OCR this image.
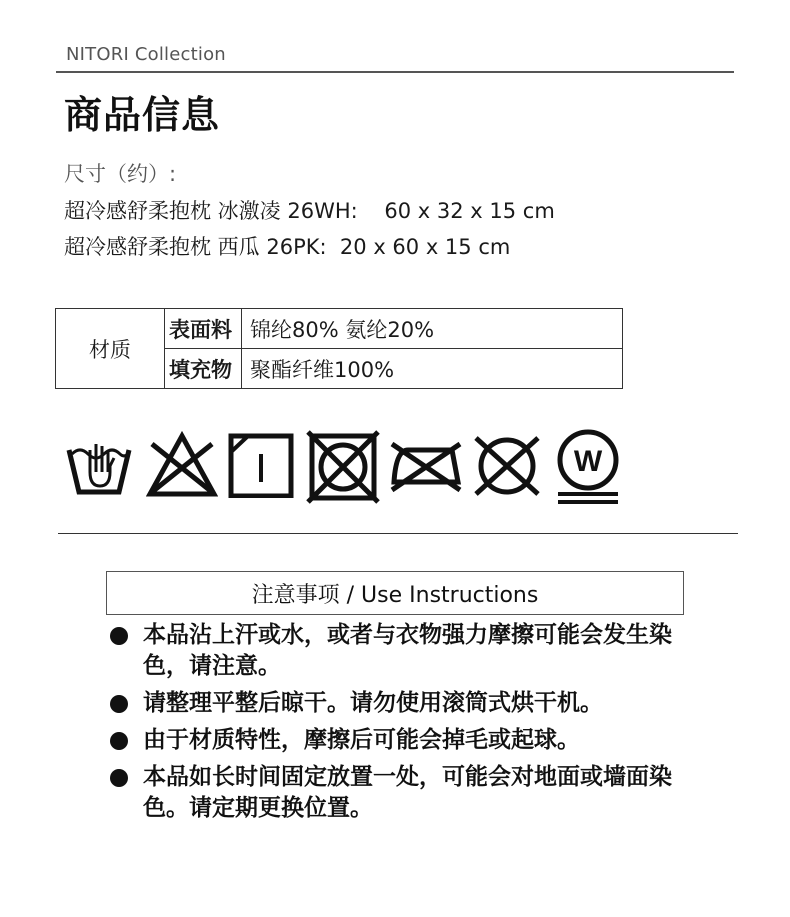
NITORI Collection
商品信息
尺寸（约）:
超冷感舒柔抱枕 冰激凌 26WH:    60 x 32 x 15 cm
超冷感舒柔抱枕 西瓜 26PK:  20 x 60 x 15 cm
材质	表面料	锦纶80% 氨纶20%
	填充物	聚酯纤维100%
W
注意事项 / Use Instructions
本品沾上汗或水，或者与衣物强力摩擦可能会发生染色，请注意。
请整理平整后晾干。请勿使用滚筒式烘干机。
由于材质特性，摩擦后可能会掉毛或起球。
本品如长时间固定放置一处，可能会对地面或墙面染色。请定期更换位置。
